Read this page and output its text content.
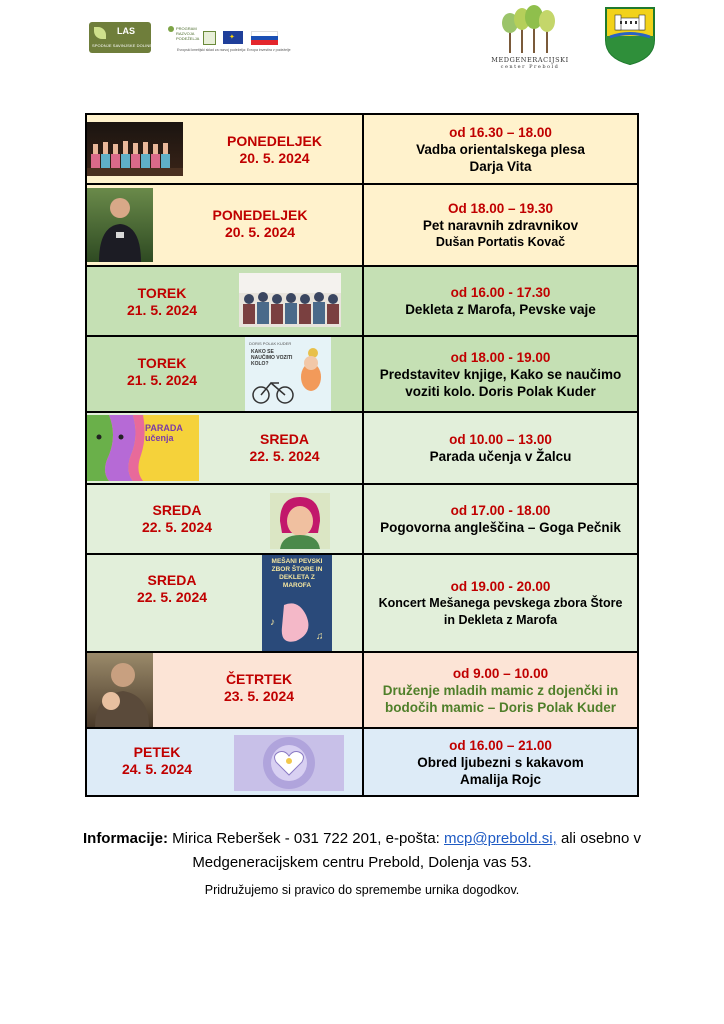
LAS
SPODNJE SAVINJSKE DOLINE
PROGRAM
RAZVOJA
PODEŽELJA
Evropski kmetijski sklad za razvoj podeželja: Evropa investira v podeželje
✦
MEDGENERACIJSKI
center Prebold
PONEDELJEK
20. 5. 2024
od 16.30 – 18.00
Vadba orientalskega plesa
Darja Vita
PONEDELJEK
20. 5. 2024
Od 18.00 – 19.30
Pet naravnih zdravnikov
Dušan Portatis Kovač
TOREK
21. 5. 2024
od 16.00 - 17.30
Dekleta z Marofa, Pevske vaje
TOREK
21. 5. 2024
DORIS POLAK KUDER
KAKO SE NAUČIMO VOZITI KOLO?	od 18.00 - 19.00
Predstavitev knjige, Kako se naučimo
voziti kolo. Doris Polak Kuder
PARADA učenja	SREDA
22. 5. 2024
od 10.00 – 13.00
Parada učenja v Žalcu
SREDA
22. 5. 2024
od 17.00 - 18.00
Pogovorna angleščina – Goga Pečnik
SREDA
22. 5. 2024
MEŠANI PEVSKI ZBOR ŠTORE IN DEKLETA Z MAROFA
♪
♫
od 19.00 - 20.00
Koncert Mešanega pevskega zbora Štore
in Dekleta z Marofa
ČETRTEK
23. 5. 2024
od 9.00 – 10.00
Druženje mladih mamic z dojenčki in
bodočih mamic – Doris Polak Kuder
PETEK
24. 5. 2024
od 16.00 – 21.00
Obred ljubezni s kakavom
Amalija Rojc
Informacije: Mirica Reberšek - 031 722 201, e-pošta: mcp@prebold.si, ali osebno v
Medgeneracijskem centru Prebold, Dolenja vas 53.
Pridružujemo si pravico do spremembe urnika dogodkov.
